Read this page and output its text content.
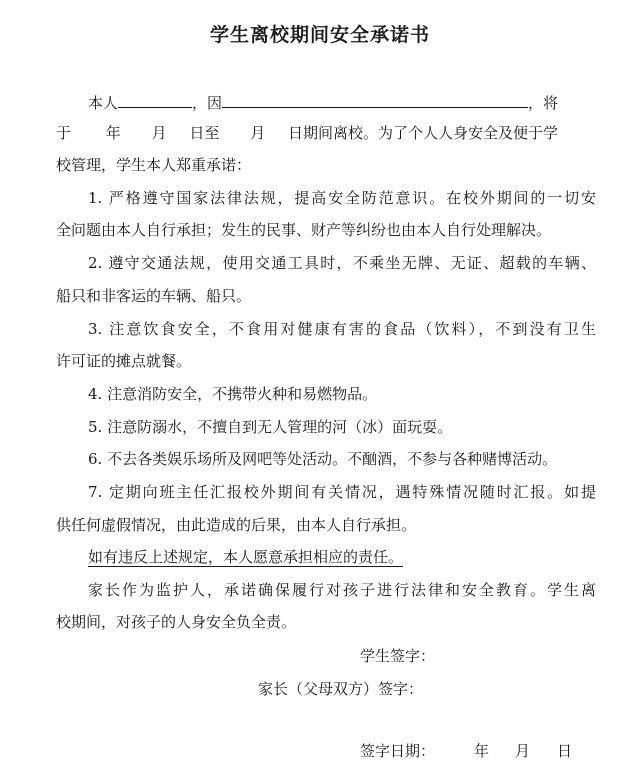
学生离校期间安全承诺书
本人	，因	，将
于 年 月 日至 月 日期间离校。为了个人人身安全及便于学
校管理，学生本人郑重承诺：
1. 严格遵守国家法律法规，提高安全防范意识。在校外期间的一切安
全问题由本人自行承担；发生的民事、财产等纠纷也由本人自行处理解决。
2. 遵守交通法规，使用交通工具时，不乘坐无牌、无证、超载的车辆、
船只和非客运的车辆、船只。
3. 注意饮食安全，不食用对健康有害的食品（饮料），不到没有卫生
许可证的摊点就餐。
4. 注意消防安全，不携带火种和易燃物品。
5. 注意防溺水，不擅自到无人管理的河（冰）面玩耍。
6. 不去各类娱乐场所及网吧等处活动。不酗酒，不参与各种赌博活动。
7. 定期向班主任汇报校外期间有关情况，遇特殊情况随时汇报。如提
供任何虚假情况，由此造成的后果，由本人自行承担。
如有违反上述规定，本人愿意承担相应的责任。
家长作为监护人，承诺确保履行对孩子进行法律和安全教育。学生离
校期间，对孩子的人身安全负全责。
学生签字：
家长（父母双方）签字：
签字日期：	年 月 日
